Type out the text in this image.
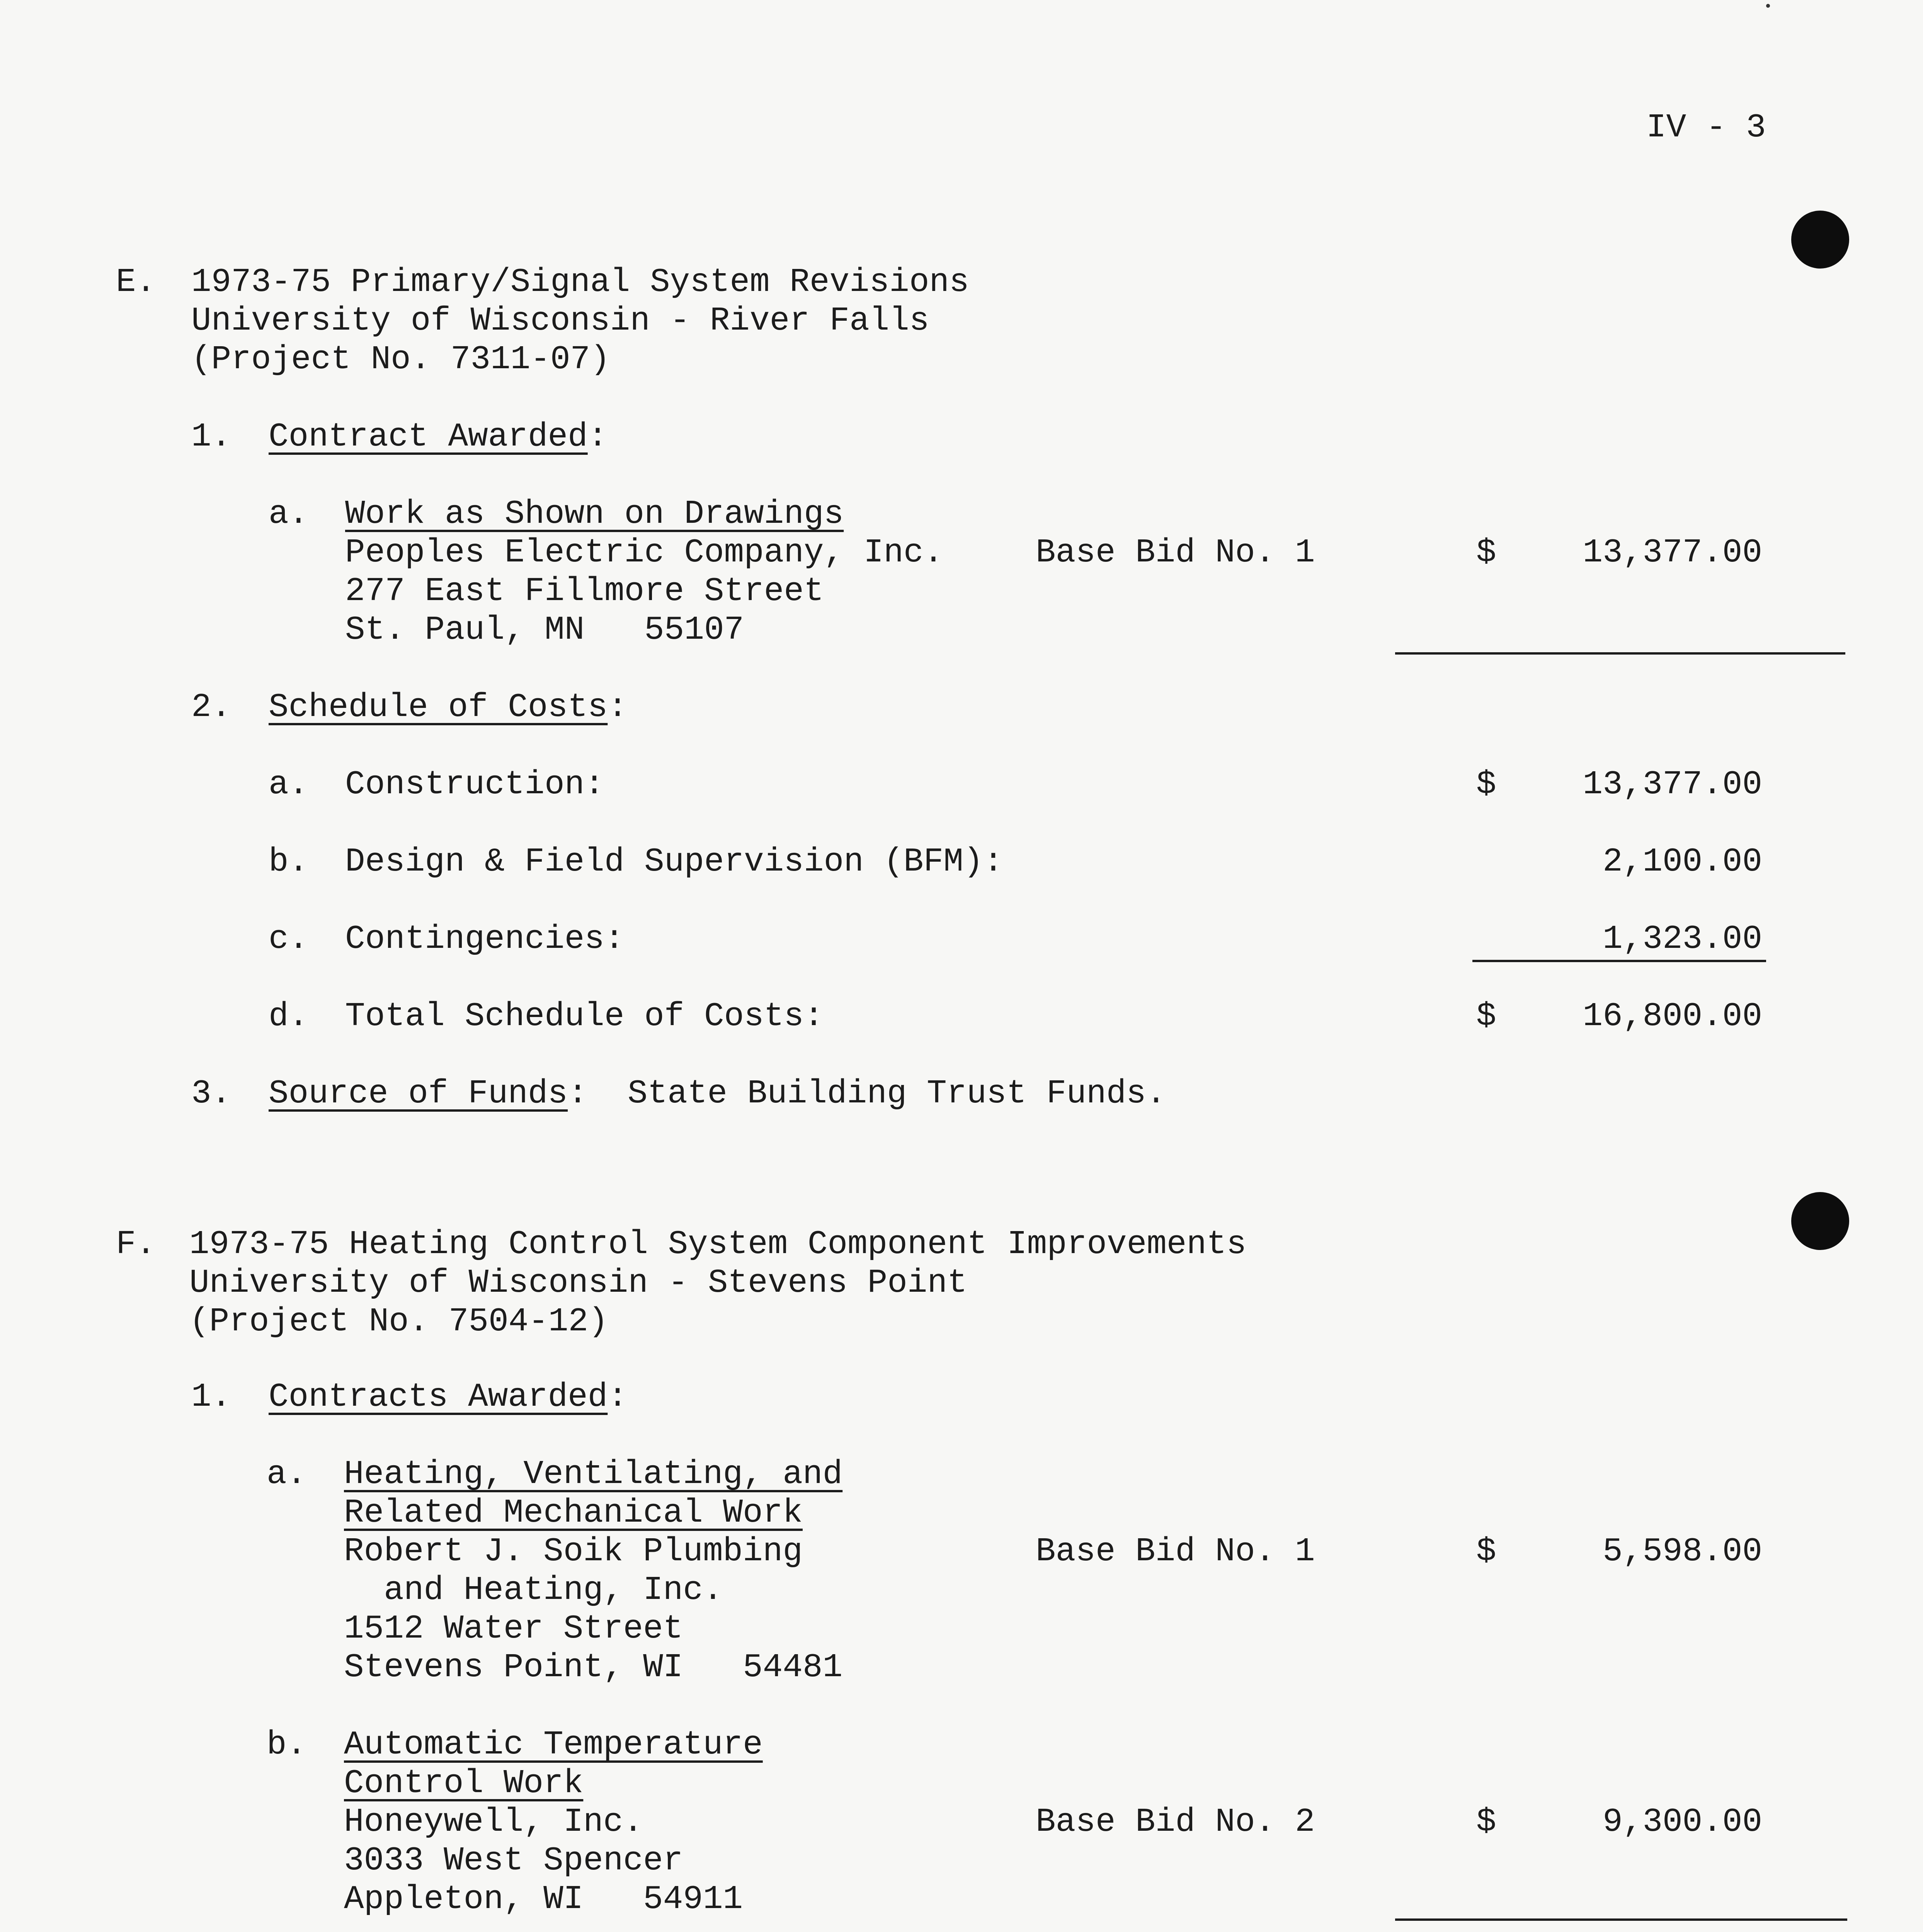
IV - 3
E. 1973-75 Primary/Signal System Revisions
University of Wisconsin - River Falls
(Project No. 7311-07)
1. Contract Awarded:
a. Work as Shown on Drawings
Peoples Electric Company, Inc.
277 East Fillmore Street
St. Paul, MN   55107
Base Bid No. 1	$	13,377.00
2. Schedule of Costs:
a. Construction:	$	13,377.00
b. Design & Field Supervision (BFM):	2,100.00
c. Contingencies:	1,323.00
d. Total Schedule of Costs:	$	16,800.00
3. Source of Funds: State Building Trust Funds.
F. 1973-75 Heating Control System Component Improvements
University of Wisconsin - Stevens Point
(Project No. 7504-12)
1. Contracts Awarded:
a. Heating, Ventilating, and
Related Mechanical Work
Robert J. Soik Plumbing
and Heating, Inc.
1512 Water Street
Stevens Point, WI   54481
Base Bid No. 1	$	5,598.00
b. Automatic Temperature
Control Work
Honeywell, Inc.
3033 West Spencer
Appleton, WI   54911
Base Bid No. 2	$	9,300.00
